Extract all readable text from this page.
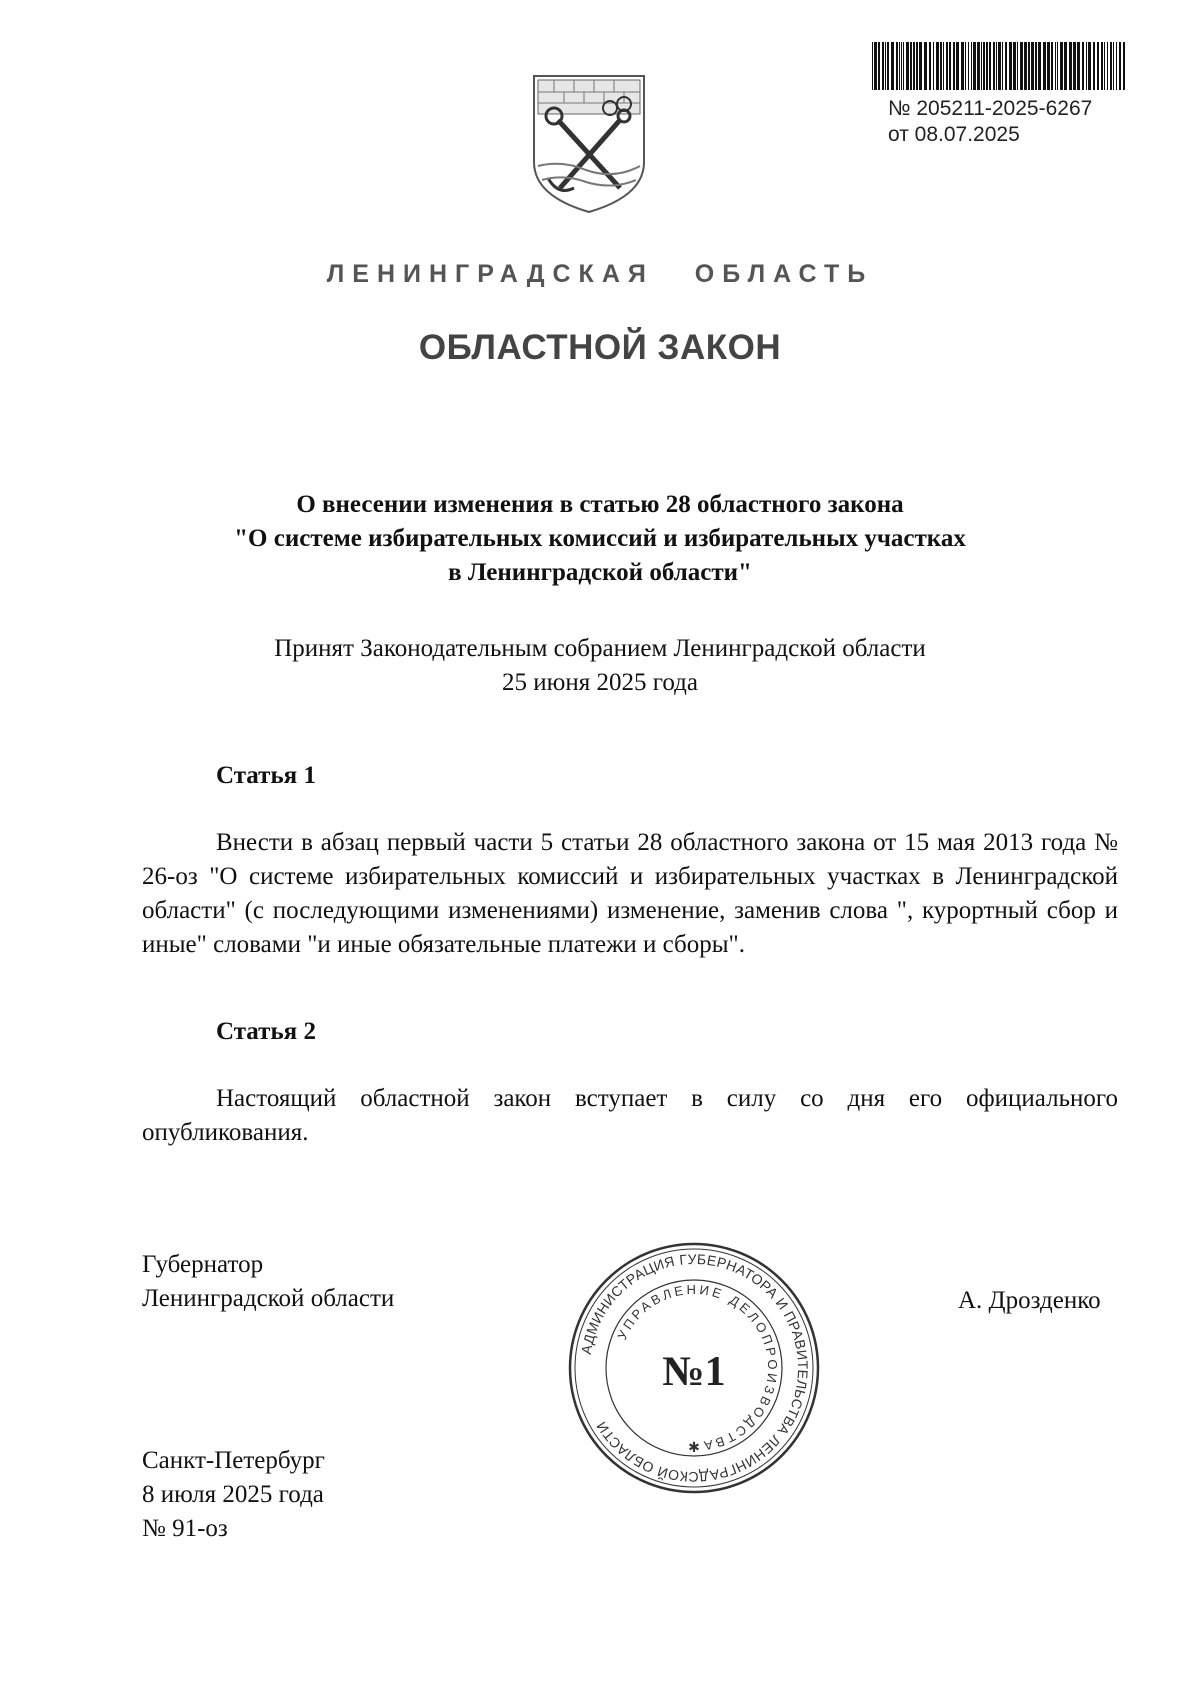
№ 205211-2025-6267
от 08.07.2025
ЛЕНИНГРАДСКАЯ ОБЛАСТЬ
ОБЛАСТНОЙ ЗАКОН
О внесении изменения в статью 28 областного закона
"О системе избирательных комиссий и избирательных участках
в Ленинградской области"
Принят Законодательным собранием Ленинградской области
25 июня 2025 года
Статья 1
Внести в абзац первый части 5 статьи 28 областного закона от 15 мая 2013 года № 26-оз "О системе избирательных комиссий и избирательных участках в Ленинградской области" (с последующими изменениями) изменение, заменив слова ", курортный сбор и иные" словами "и иные обязательные платежи и сборы".
Статья 2
Настоящий областной закон вступает в силу со дня его официального опубликования.
Губернатор
Ленинградской области	А. Дрозденко
Санкт-Петербург
8 июля 2025 года
№ 91-оз
АДМИНИСТРАЦИЯ ГУБЕРНАТОРА И ПРАВИТЕЛЬСТВА ЛЕНИНГРАДСКОЙ ОБЛАСТИ
УПРАВЛЕНИЕ ДЕЛОПРОИЗВОДСТВА
№1
✱
